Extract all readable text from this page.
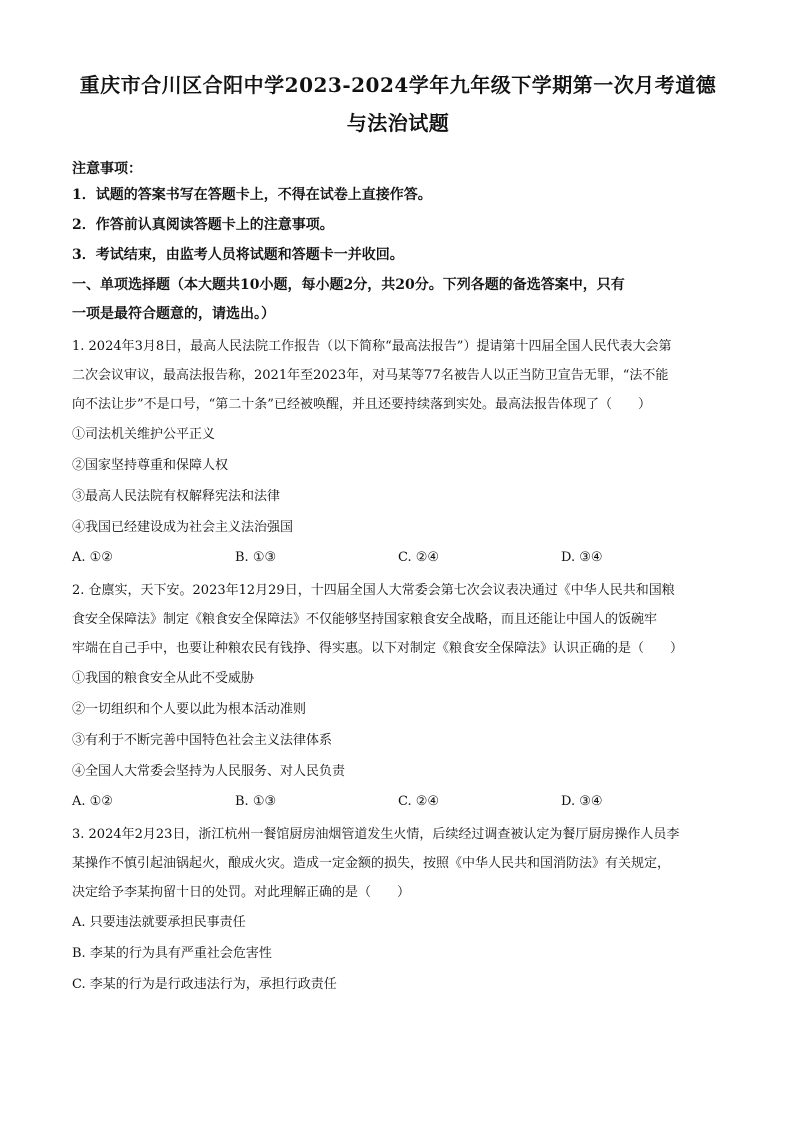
重庆市合川区合阳中学2023-2024学年九年级下学期第一次月考道德
与法治试题
注意事项：
1．试题的答案书写在答题卡上，不得在试卷上直接作答。
2．作答前认真阅读答题卡上的注意事项。
3．考试结束，由监考人员将试题和答题卡一并收回。
一、单项选择题（本大题共10小题，每小题2分，共20分。下列各题的备选答案中，只有
一项是最符合题意的，请选出。）
1. 2024年3月8日，最高人民法院工作报告（以下简称“最高法报告”）提请第十四届全国人民代表大会第
二次会议审议，最高法报告称，2021年至2023年，对马某等77名被告人以正当防卫宣告无罪，“法不能
向不法让步”不是口号，“第二十条”已经被唤醒，并且还要持续落到实处。最高法报告体现了（　　）
①司法机关维护公平正义
②国家坚持尊重和保障人权
③最高人民法院有权解释宪法和法律
④我国已经建设成为社会主义法治强国
A. ①②	B. ①③	C. ②④	D. ③④
2. 仓廪实，天下安。2023年12月29日，十四届全国人大常委会第七次会议表决通过《中华人民共和国粮
食安全保障法》制定《粮食安全保障法》不仅能够坚持国家粮食安全战略，而且还能让中国人的饭碗牢
牢端在自己手中，也要让种粮农民有钱挣、得实惠。以下对制定《粮食安全保障法》认识正确的是（　　）
①我国的粮食安全从此不受威胁
②一切组织和个人要以此为根本活动准则
③有利于不断完善中国特色社会主义法律体系
④全国人大常委会坚持为人民服务、对人民负责
A. ①②	B. ①③	C. ②④	D. ③④
3. 2024年2月23日，浙江杭州一餐馆厨房油烟管道发生火情，后续经过调查被认定为餐厅厨房操作人员李
某操作不慎引起油锅起火，酿成火灾。造成一定金额的损失，按照《中华人民共和国消防法》有关规定，
决定给予李某拘留十日的处罚。对此理解正确的是（　　）
A. 只要违法就要承担民事责任
B. 李某的行为具有严重社会危害性
C. 李某的行为是行政违法行为，承担行政责任
